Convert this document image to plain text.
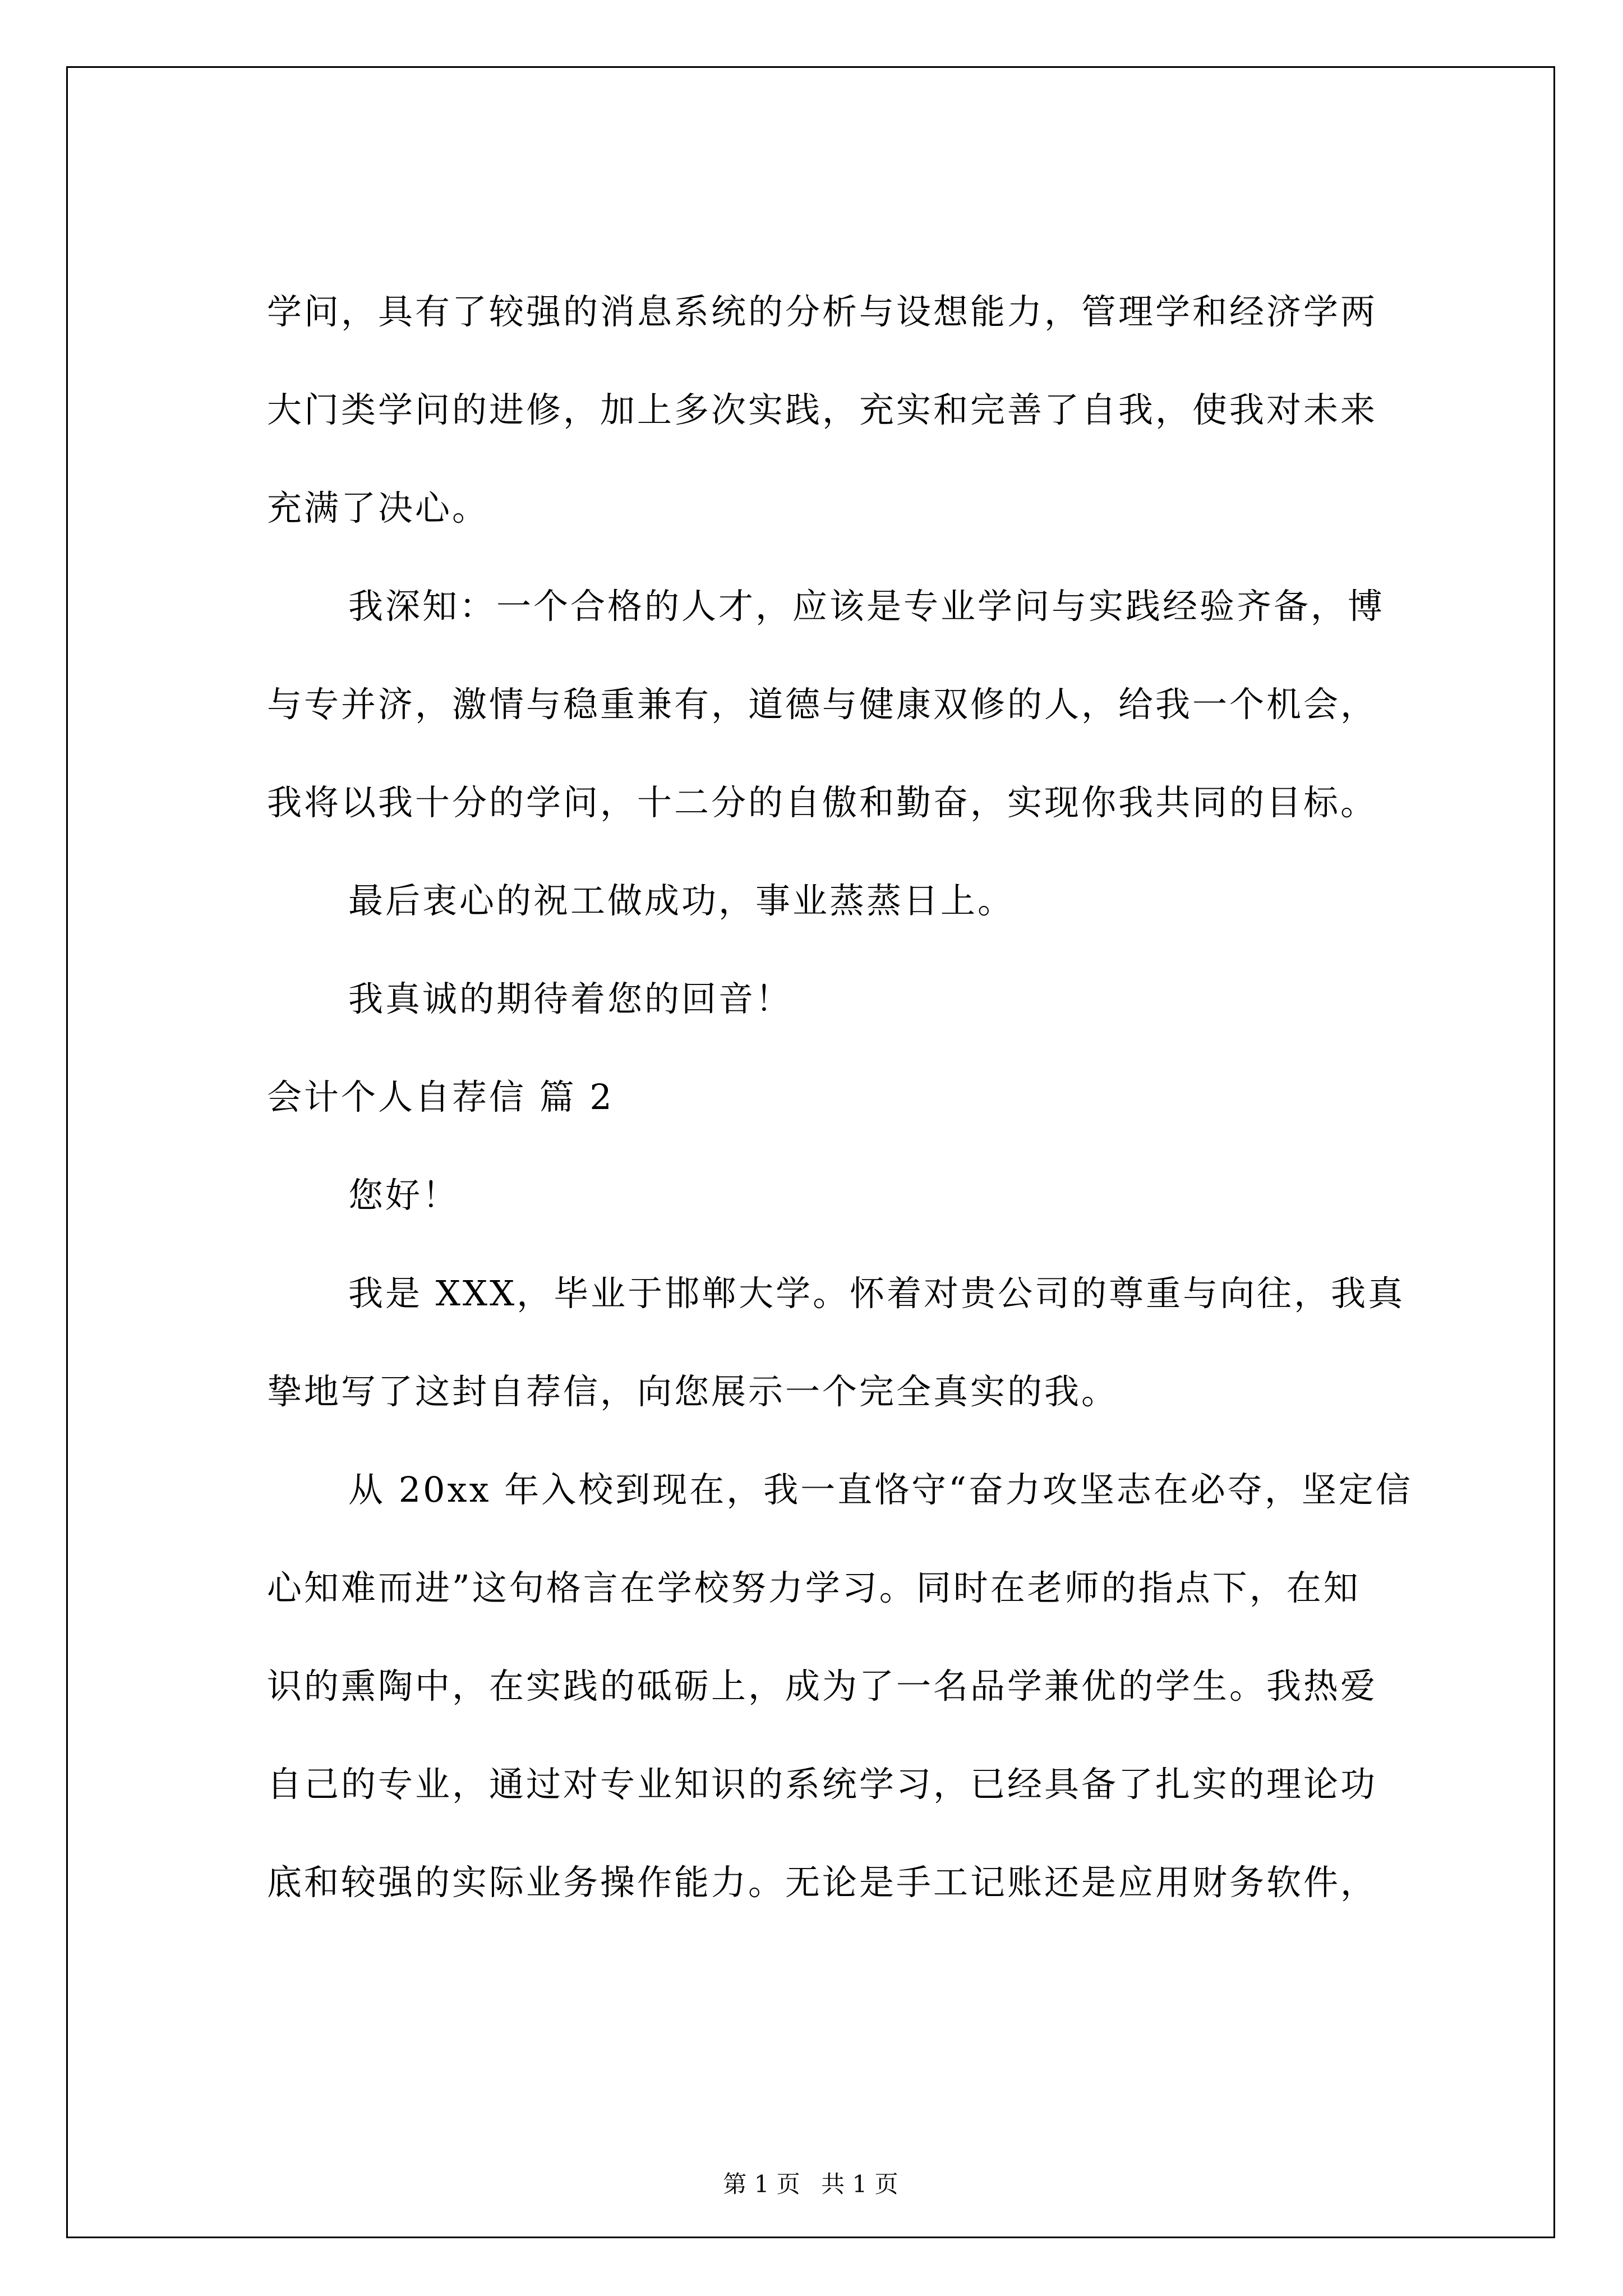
学问，具有了较强的消息系统的分析与设想能力，管理学和经济学两
大门类学问的进修，加上多次实践，充实和完善了自我，使我对未来
充满了决心。
我深知：一个合格的人才，应该是专业学问与实践经验齐备，博
与专并济，激情与稳重兼有，道德与健康双修的人，给我一个机会，
我将以我十分的学问，十二分的自傲和勤奋，实现你我共同的目标。
最后衷心的祝工做成功，事业蒸蒸日上。
我真诚的期待着您的回音！
会计个人自荐信 篇 2
您好！
我是 XXX，毕业于邯郸大学。怀着对贵公司的尊重与向往，我真
挚地写了这封自荐信，向您展示一个完全真实的我。
从 20xx 年入校到现在，我一直恪守“奋力攻坚志在必夺，坚定信
心知难而进”这句格言在学校努力学习。同时在老师的指点下，在知
识的熏陶中，在实践的砥砺上，成为了一名品学兼优的学生。我热爱
自己的专业，通过对专业知识的系统学习，已经具备了扎实的理论功
底和较强的实际业务操作能力。无论是手工记账还是应用财务软件，
第 1 页 共 1 页
